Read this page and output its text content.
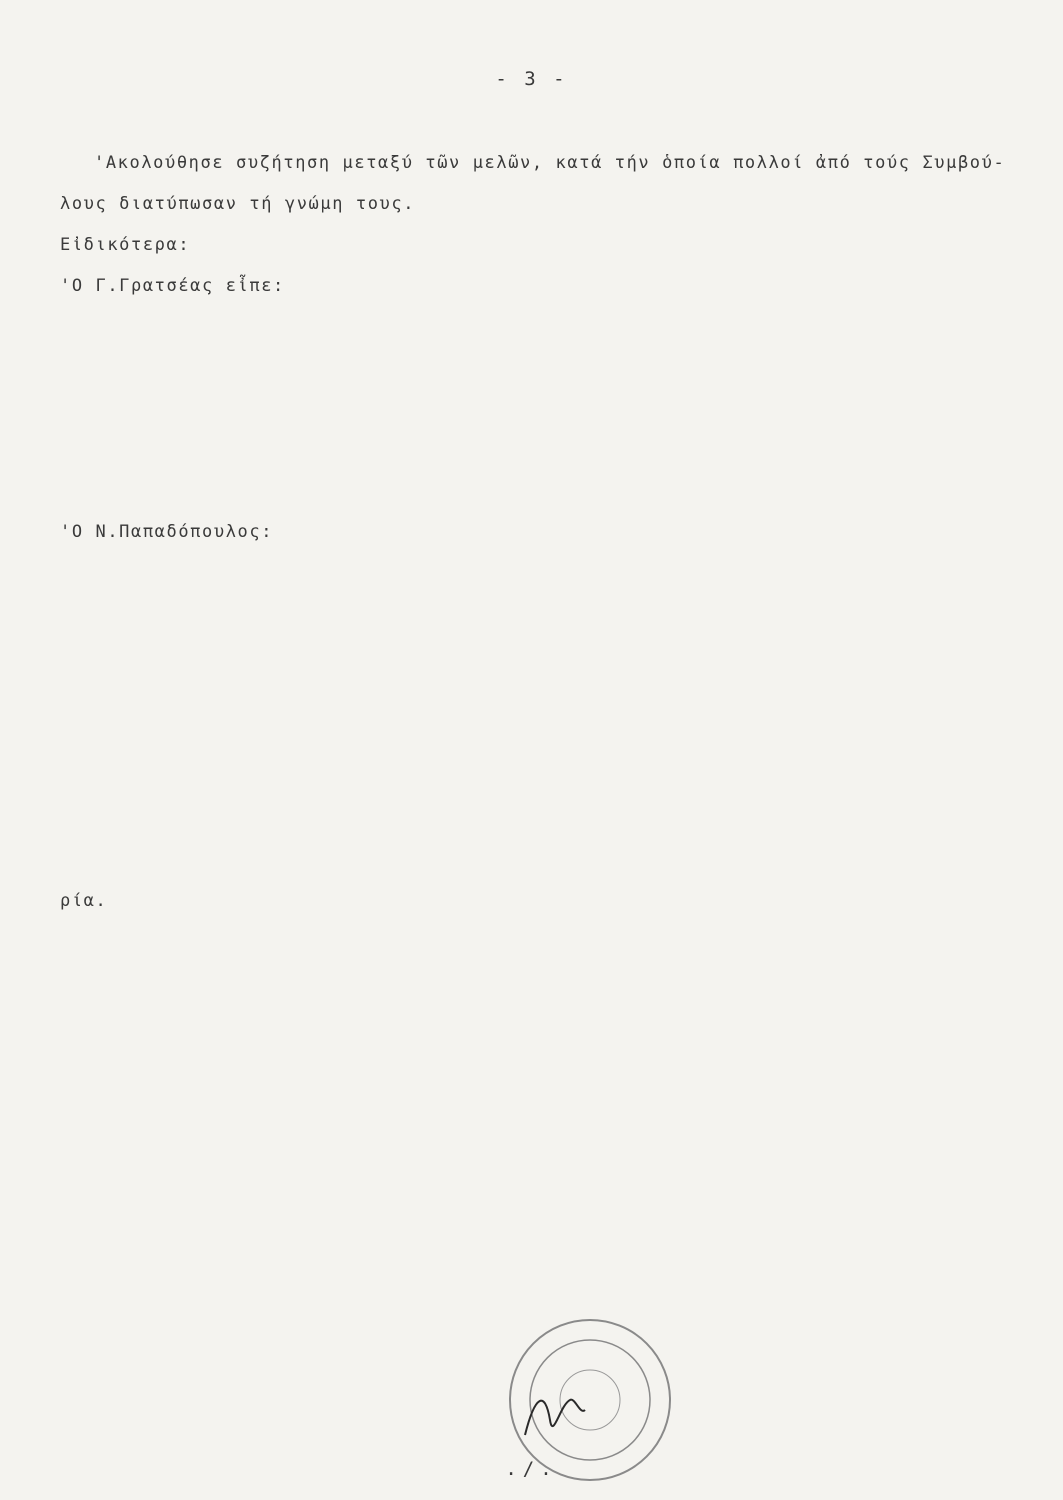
- 3 -
'Ακολούθησε συζήτηση μεταξύ τῶν μελῶν, κατά τήν ὁποία πολλοί ἀπό τούς Συμβού-
λους διατύπωσαν τή γνώμη τους.
Εἰδικότερα:
'Ο Γ.Γρατσέας εἶπε:
'Ο Ν.Παπαδόπουλος:
ρία.
./.
